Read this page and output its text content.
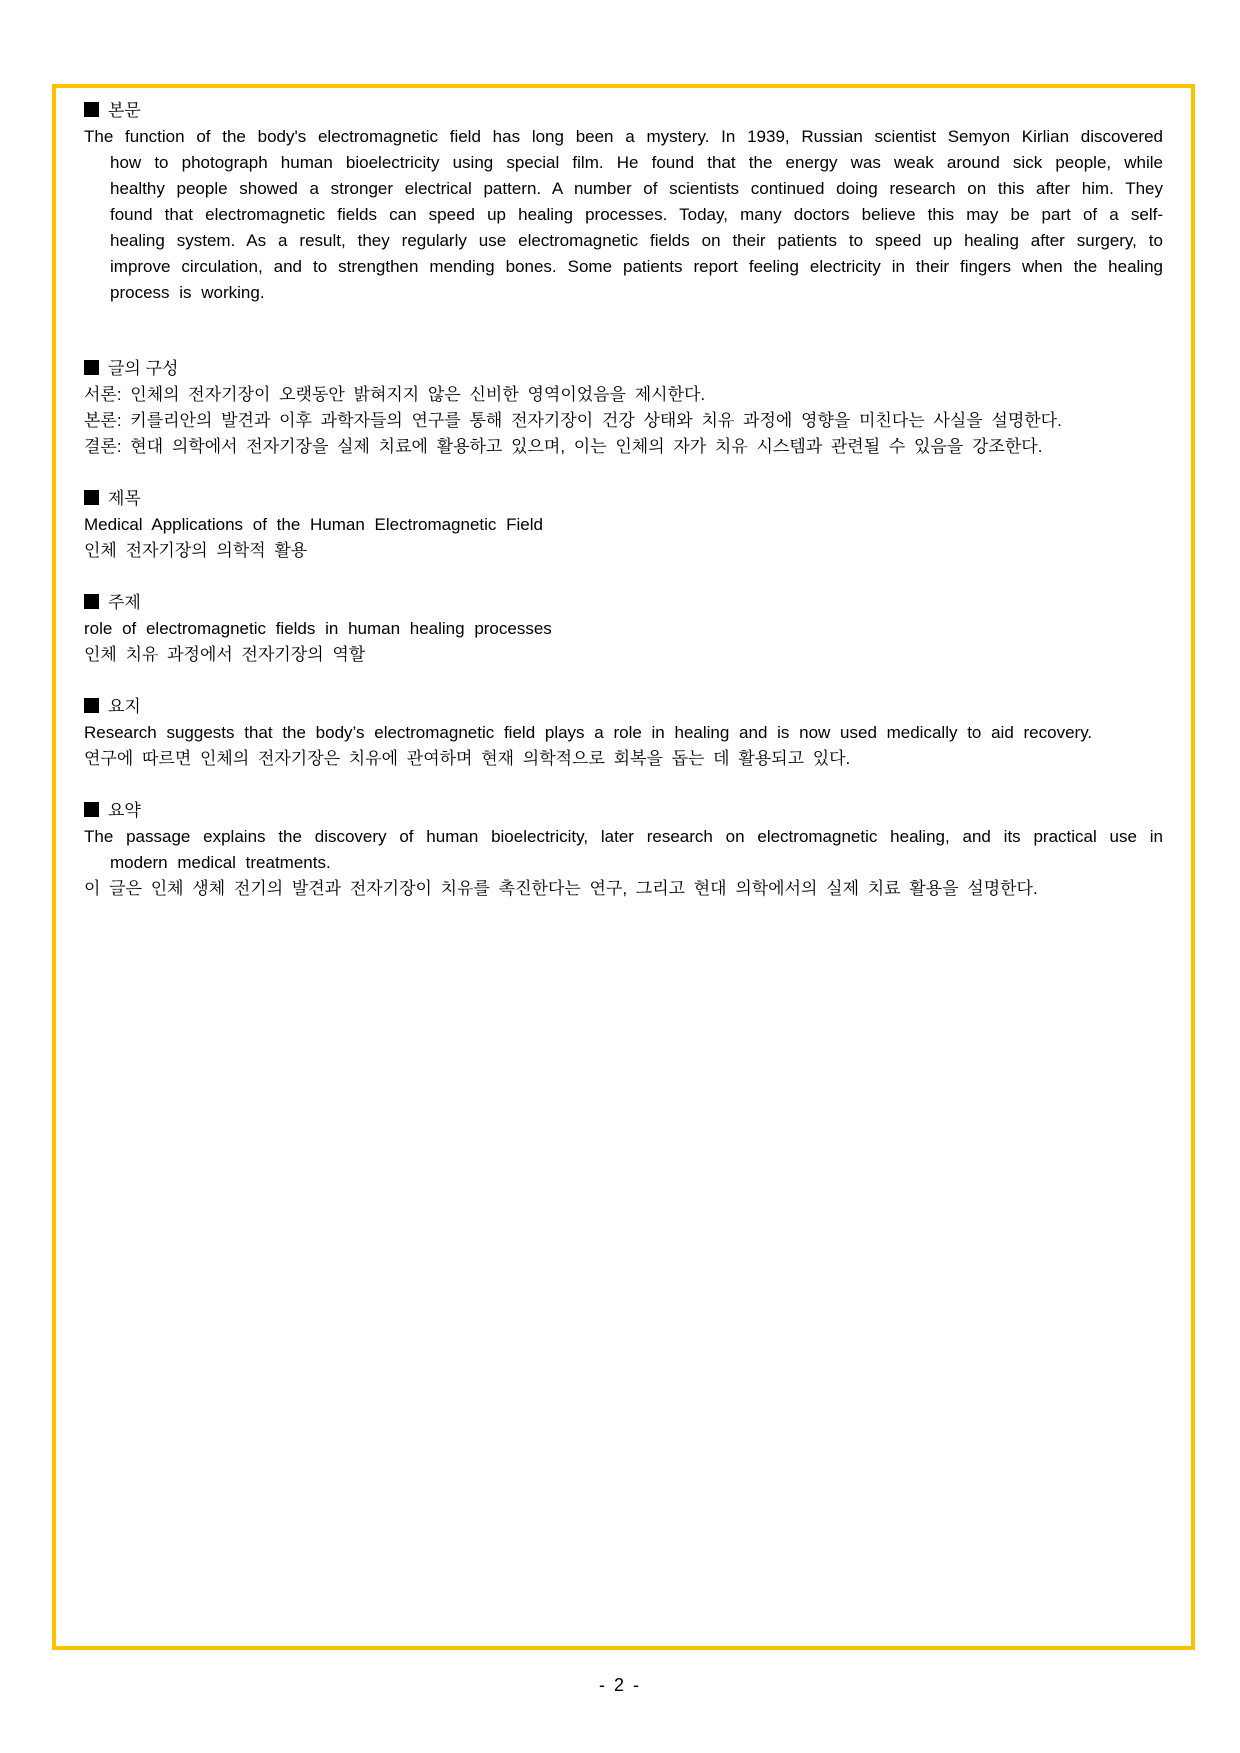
본문

The function of the body's electromagnetic field has long been a mystery. In 1939, Russian scientist Semyon Kirlian discovered how to photograph human bioelectricity using special film. He found that the energy was weak around sick people, while healthy people showed a stronger electrical pattern. A number of scientists continued doing research on this after him. They found that electromagnetic fields can speed up healing processes. Today, many doctors believe this may be part of a self-healing system. As a result, they regularly use electromagnetic fields on their patients to speed up healing after surgery, to improve circulation, and to strengthen mending bones. Some patients report feeling electricity in their fingers when the healing process is working.

글의 구성

서론: 인체의 전자기장이 오랫동안 밝혀지지 않은 신비한 영역이었음을 제시한다.

본론: 키를리안의 발견과 이후 과학자들의 연구를 통해 전자기장이 건강 상태와 치유 과정에 영향을 미친다는 사실을 설명한다.

결론: 현대 의학에서 전자기장을 실제 치료에 활용하고 있으며, 이는 인체의 자가 치유 시스템과 관련될 수 있음을 강조한다.

제목

Medical Applications of the Human Electromagnetic Field

인체 전자기장의 의학적 활용

주제

role of electromagnetic fields in human healing processes

인체 치유 과정에서 전자기장의 역할

요지

Research suggests that the body’s electromagnetic field plays a role in healing and is now used medically to aid recovery.

연구에 따르면 인체의 전자기장은 치유에 관여하며 현재 의학적으로 회복을 돕는 데 활용되고 있다.

요약

The passage explains the discovery of human bioelectricity, later research on electromagnetic healing, and its practical use in modern medical treatments.

이 글은 인체 생체 전기의 발견과 전자기장이 치유를 촉진한다는 연구, 그리고 현대 의학에서의 실제 치료 활용을 설명한다.

- 2 -
